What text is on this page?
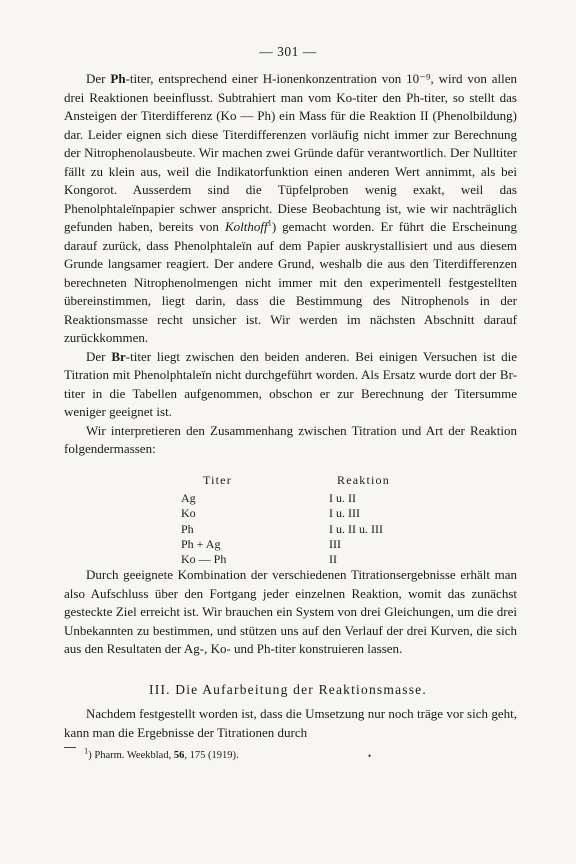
— 301 —

Der Ph-titer, entsprechend einer H-ionenkonzentration von 10⁻⁹, wird von allen drei Reaktionen beeinflusst. Subtrahiert man vom Ko-titer den Ph-titer, so stellt das Ansteigen der Titerdifferenz (Ko — Ph) ein Mass für die Reaktion II (Phenolbildung) dar. Leider eignen sich diese Titerdifferenzen vorläufig nicht immer zur Berechnung der Nitrophenolausbeute. Wir machen zwei Gründe dafür verantwortlich. Der Nulltiter fällt zu klein aus, weil die Indikatorfunktion einen anderen Wert annimmt, als bei Kongorot. Ausserdem sind die Tüpfelproben wenig exakt, weil das Phenolphtaleïnpapier schwer anspricht. Diese Beobachtung ist, wie wir nachträglich gefunden haben, bereits von Kolthoff$^1$) gemacht worden. Er führt die Erscheinung darauf zurück, dass Phenolphtaleïn auf dem Papier auskrystallisiert und aus diesem Grunde langsamer reagiert. Der andere Grund, weshalb die aus den Titerdifferenzen berechneten Nitrophenolmengen nicht immer mit den experimentell festgestellten übereinstimmen, liegt darin, dass die Bestimmung des Nitrophenols in der Reaktionsmasse recht unsicher ist. Wir werden im nächsten Abschnitt darauf zurückkommen.

Der Br-titer liegt zwischen den beiden anderen. Bei einigen Versuchen ist die Titration mit Phenolphtaleïn nicht durchgeführt worden. Als Ersatz wurde dort der Br-titer in die Tabellen aufgenommen, obschon er zur Berechnung der Titersumme weniger geeignet ist.

Wir interpretieren den Zusammenhang zwischen Titration und Art der Reaktion folgendermassen:

Titer	Reaktion
Ag	I u. II
Ko	I u. III
Ph	I u. II u. III
Ph + Ag	III
Ko — Ph	II

Durch geeignete Kombination der verschiedenen Titrationsergebnisse erhält man also Aufschluss über den Fortgang jeder einzelnen Reaktion, womit das zunächst gesteckte Ziel erreicht ist. Wir brauchen ein System von drei Gleichungen, um die drei Unbekannten zu bestimmen, und stützen uns auf den Verlauf der drei Kurven, die sich aus den Resultaten der Ag-, Ko- und Ph-titer konstruieren lassen.

III. Die Aufarbeitung der Reaktionsmasse.

Nachdem festgestellt worden ist, dass die Umsetzung nur noch träge vor sich geht, kann man die Ergebnisse der Titrationen durch

$^1$) Pharm. Weekblad, 56, 175 (1919).	•
